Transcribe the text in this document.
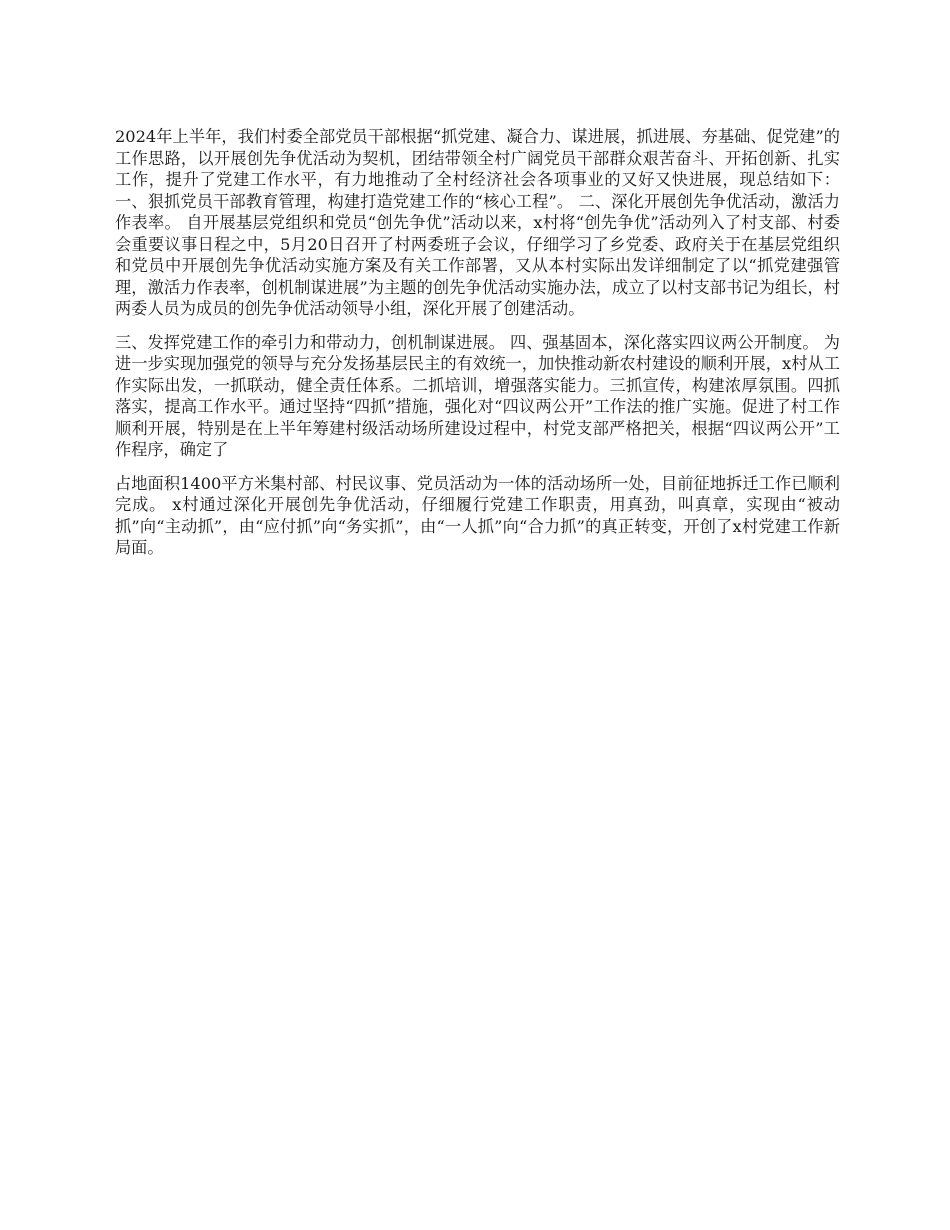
2024年上半年，我们村委全部党员干部根据“抓党建、凝合力、谋进展，抓进展、夯基础、促党建”的工作思路，以开展创先争优活动为契机，团结带领全村广阔党员干部群众艰苦奋斗、开拓创新、扎实工作，提升了党建工作水平，有力地推动了全村经济社会各项事业的又好又快进展，现总结如下： 一、狠抓党员干部教育管理，构建打造党建工作的“核心工程”。 二、深化开展创先争优活动，激活力作表率。 自开展基层党组织和党员“创先争优”活动以来，x村将“创先争优”活动列入了村支部、村委会重要议事日程之中，5月20日召开了村两委班子会议，仔细学习了乡党委、政府关于在基层党组织和党员中开展创先争优活动实施方案及有关工作部署，又从本村实际出发详细制定了以“抓党建强管理，激活力作表率，创机制谋进展”为主题的创先争优活动实施办法，成立了以村支部书记为组长，村两委人员为成员的创先争优活动领导小组，深化开展了创建活动。

三、发挥党建工作的牵引力和带动力，创机制谋进展。 四、强基固本，深化落实四议两公开制度。 为进一步实现加强党的领导与充分发扬基层民主的有效统一，加快推动新农村建设的顺利开展，x村从工作实际出发，一抓联动，健全责任体系。二抓培训，增强落实能力。三抓宣传，构建浓厚氛围。四抓落实，提高工作水平。通过坚持“四抓”措施，强化对“四议两公开”工作法的推广实施。促进了村工作顺利开展，特别是在上半年筹建村级活动场所建设过程中，村党支部严格把关，根据“四议两公开”工作程序，确定了

占地面积1400平方米集村部、村民议事、党员活动为一体的活动场所一处，目前征地拆迁工作已顺利完成。 x村通过深化开展创先争优活动，仔细履行党建工作职责，用真劲，叫真章，实现由“被动抓”向“主动抓”，由“应付抓”向“务实抓”，由“一人抓”向“合力抓”的真正转变，开创了x村党建工作新局面。
